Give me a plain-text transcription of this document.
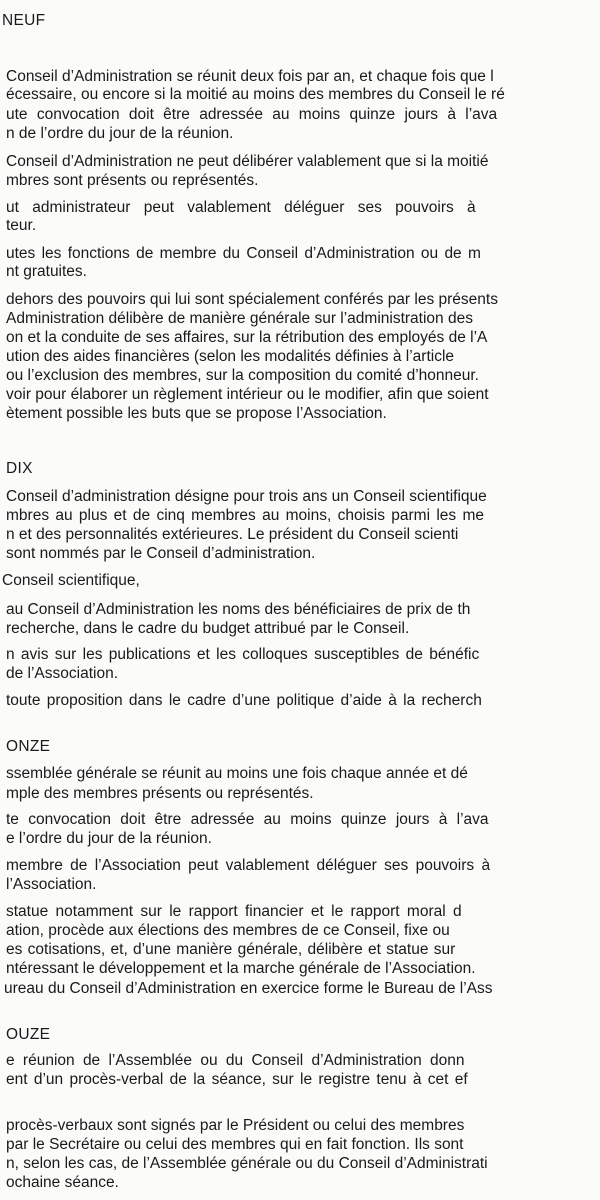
NEUF
Conseil d’Administration se réunit deux fois par an, et chaque fois que l
écessaire, ou encore si la moitié au moins des membres du Conseil le ré
ute convocation doit être adressée au moins quinze jours à l’ava
n de l’ordre du jour de la réunion.
Conseil d’Administration ne peut délibérer valablement que si la moitié
mbres sont présents ou représentés.
ut administrateur peut valablement déléguer ses pouvoirs à
teur.
utes les fonctions de membre du Conseil d’Administration ou de m
nt gratuites.
dehors des pouvoirs qui lui sont spécialement conférés par les présents
Administration délibère de manière générale sur l’administration des
on et la conduite de ses affaires, sur la rétribution des employés de l’A
ution des aides financières (selon les modalités définies à l’article
ou l’exclusion des membres, sur la composition du comité d’honneur.
voir pour élaborer un règlement intérieur ou le modifier, afin que soient
ètement possible les buts que se propose l’Association.
DIX
Conseil d’administration désigne pour trois ans un Conseil scientifique
mbres au plus et de cinq membres au moins, choisis parmi les me
n et des personnalités extérieures. Le président du Conseil scienti
sont nommés par le Conseil d’administration.
Conseil scientifique,
au Conseil d’Administration les noms des bénéficiaires de prix de th
recherche, dans le cadre du budget attribué par le Conseil.
n avis sur les publications et les colloques susceptibles de bénéfic
de l’Association.
toute proposition dans le cadre d’une politique d’aide à la recherch
ONZE
ssemblée générale se réunit au moins une fois chaque année et dé
mple des membres présents ou représentés.
te convocation doit être adressée au moins quinze jours à l’ava
e l’ordre du jour de la réunion.
membre de l’Association peut valablement déléguer ses pouvoirs à
l’Association.
statue notamment sur le rapport financier et le rapport moral d
ation, procède aux élections des membres de ce Conseil, fixe ou
es cotisations, et, d’une manière générale, délibère et statue sur
ntéressant le développement et la marche générale de l’Association.
ureau du Conseil d’Administration en exercice forme le Bureau de l’Ass
OUZE
e réunion de l’Assemblée ou du Conseil d’Administration donn
ent d’un procès-verbal de la séance, sur le registre tenu à cet ef
procès-verbaux sont signés par le Président ou celui des membres
par le Secrétaire ou celui des membres qui en fait fonction. Ils sont
n, selon les cas, de l’Assemblée générale ou du Conseil d’Administrati
ochaine séance.
